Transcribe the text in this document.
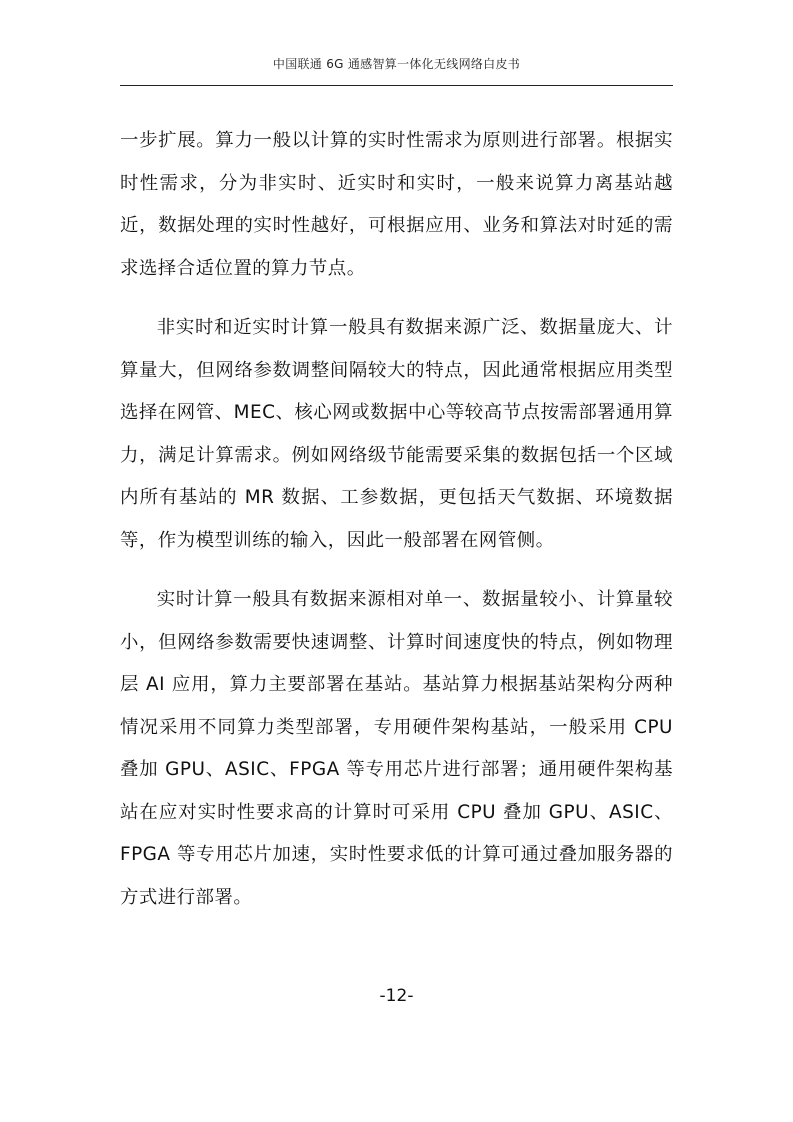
中国联通 6G 通感智算一体化无线网络白皮书

一步扩展。算力一般以计算的实时性需求为原则进行部署。根据实时性需求，分为非实时、近实时和实时，一般来说算力离基站越近，数据处理的实时性越好，可根据应用、业务和算法对时延的需求选择合适位置的算力节点。

非实时和近实时计算一般具有数据来源广泛、数据量庞大、计算量大，但网络参数调整间隔较大的特点，因此通常根据应用类型选择在网管、MEC、核心网或数据中心等较高节点按需部署通用算力，满足计算需求。例如网络级节能需要采集的数据包括一个区域内所有基站的 MR 数据、工参数据，更包括天气数据、环境数据等，作为模型训练的输入，因此一般部署在网管侧。

实时计算一般具有数据来源相对单一、数据量较小、计算量较小，但网络参数需要快速调整、计算时间速度快的特点，例如物理层 AI 应用，算力主要部署在基站。基站算力根据基站架构分两种情况采用不同算力类型部署，专用硬件架构基站，一般采用 CPU 叠加 GPU、ASIC、FPGA 等专用芯片进行部署；通用硬件架构基站在应对实时性要求高的计算时可采用 CPU 叠加 GPU、ASIC、FPGA 等专用芯片加速，实时性要求低的计算可通过叠加服务器的方式进行部署。

-12-
